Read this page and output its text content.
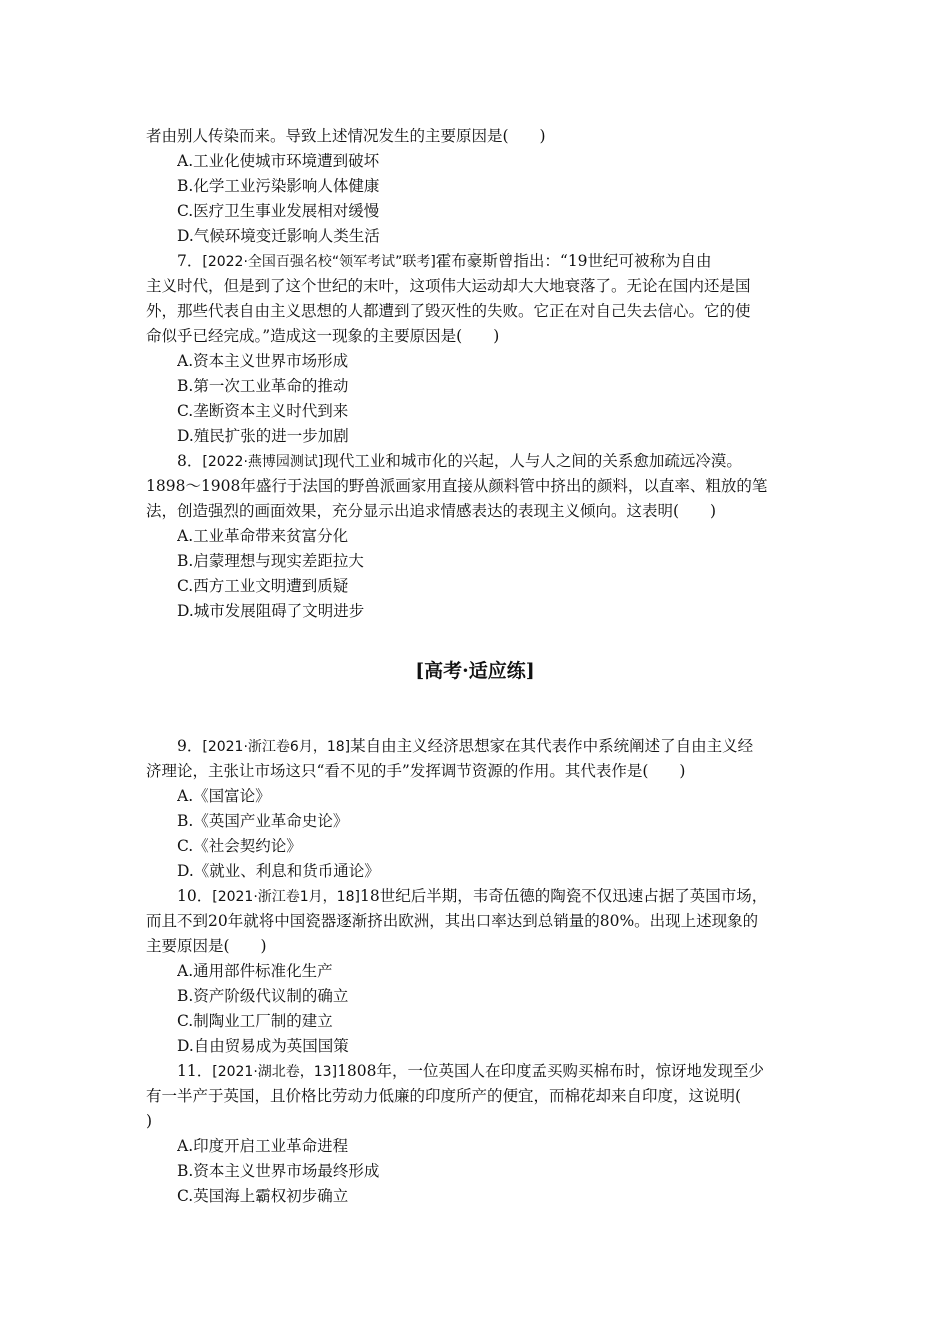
者由别人传染而来。导致上述情况发生的主要原因是(　　)
A.工业化使城市环境遭到破坏
B.化学工业污染影响人体健康
C.医疗卫生事业发展相对缓慢
D.气候环境变迁影响人类生活
7．[2022·全国百强名校“领军考试”联考]霍布豪斯曾指出：“19世纪可被称为自由
主义时代，但是到了这个世纪的末叶，这项伟大运动却大大地衰落了。无论在国内还是国
外，那些代表自由主义思想的人都遭到了毁灭性的失败。它正在对自己失去信心。它的使
命似乎已经完成。”造成这一现象的主要原因是(　　)
A.资本主义世界市场形成
B.第一次工业革命的推动
C.垄断资本主义时代到来
D.殖民扩张的进一步加剧
8．[2022·燕博园测试]现代工业和城市化的兴起，人与人之间的关系愈加疏远冷漠。
1898～1908年盛行于法国的野兽派画家用直接从颜料管中挤出的颜料，以直率、粗放的笔
法，创造强烈的画面效果，充分显示出追求情感表达的表现主义倾向。这表明(　　)
A.工业革命带来贫富分化
B.启蒙理想与现实差距拉大
C.西方工业文明遭到质疑
D.城市发展阻碍了文明进步
[高考·适应练]
9．[2021·浙江卷6月，18]某自由主义经济思想家在其代表作中系统阐述了自由主义经
济理论，主张让市场这只“看不见的手”发挥调节资源的作用。其代表作是(　　)
A.《国富论》
B.《英国产业革命史论》
C.《社会契约论》
D.《就业、利息和货币通论》
10．[2021·浙江卷1月，18]18世纪后半期，韦奇伍德的陶瓷不仅迅速占据了英国市场，
而且不到20年就将中国瓷器逐渐挤出欧洲，其出口率达到总销量的80%。出现上述现象的
主要原因是(　　)
A.通用部件标准化生产
B.资产阶级代议制的确立
C.制陶业工厂制的建立
D.自由贸易成为英国国策
11．[2021·湖北卷，13]1808年，一位英国人在印度孟买购买棉布时，惊讶地发现至少
有一半产于英国，且价格比劳动力低廉的印度所产的便宜，而棉花却来自印度，这说明(
)
A.印度开启工业革命进程
B.资本主义世界市场最终形成
C.英国海上霸权初步确立
